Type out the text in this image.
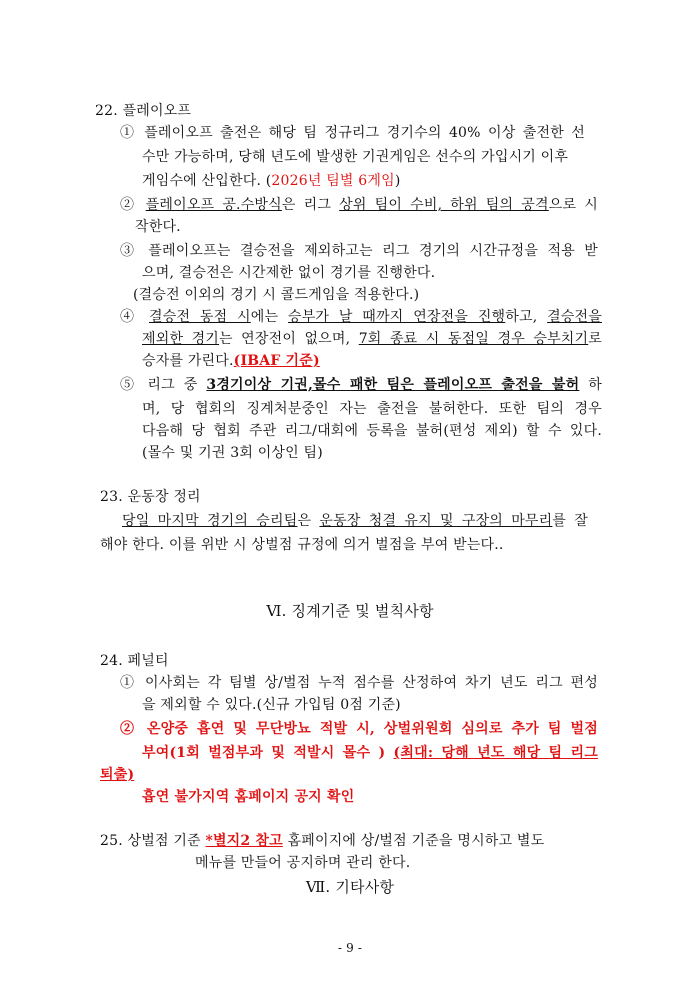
22. 플레이오프
① 플레이오프 출전은 해당 팀 정규리그 경기수의 40% 이상 출전한 선
수만 가능하며, 당해 년도에 발생한 기권게임은 선수의 가입시기 이후
게임수에 산입한다. (2026년 팀별 6게임)
② 플레이오프 공.수방식은 리그 상위 팀이 수비, 하위 팀의 공격으로 시
작한다.
③ 플레이오프는 결승전을 제외하고는 리그 경기의 시간규정을 적용 받
으며, 결승전은 시간제한 없이 경기를 진행한다.
(결승전 이외의 경기 시 콜드게임을 적용한다.)
④ 결승전 동점 시에는 승부가 날 때까지 연장전을 진행하고, 결승전을
제외한 경기는 연장전이 없으며, 7회 종료 시 동점일 경우 승부치기로
승자를 가린다.(IBAF 기준)
⑤ 리그 중 3경기이상 기권,몰수 패한 팀은 플레이오프 출전을 불허 하
며, 당 협회의 징계처분중인 자는 출전을 불허한다. 또한 팀의 경우
다음해 당 협회 주관 리그/대회에 등록을 불허(편성 제외) 할 수 있다.
(몰수 및 기권 3회 이상인 팀)
23. 운동장 정리
당일 마지막 경기의 승리팀은 운동장 청결 유지 및 구장의 마무리를 잘
해야 한다. 이를 위반 시 상벌점 규정에 의거 벌점을 부여 받는다..
Ⅵ. 징계기준 및 벌칙사항
24. 페널티
① 이사회는 각 팀별 상/벌점 누적 점수를 산정하여 차기 년도 리그 편성
을 제외할 수 있다.(신규 가입팀 0점 기준)
② 온양중 흡연 및 무단방뇨 적발 시, 상벌위원회 심의로 추가 팀 벌점
부여(1회 벌점부과 및 적발시 몰수 ) (최대: 당해 년도 해당 팀 리그
퇴출)
흡연 불가지역 홈페이지 공지 확인
25. 상벌점 기준 *별지2 참고 홈페이지에 상/벌점 기준을 명시하고 별도
메뉴를 만들어 공지하며 관리 한다.
Ⅶ. 기타사항
- 9 -
